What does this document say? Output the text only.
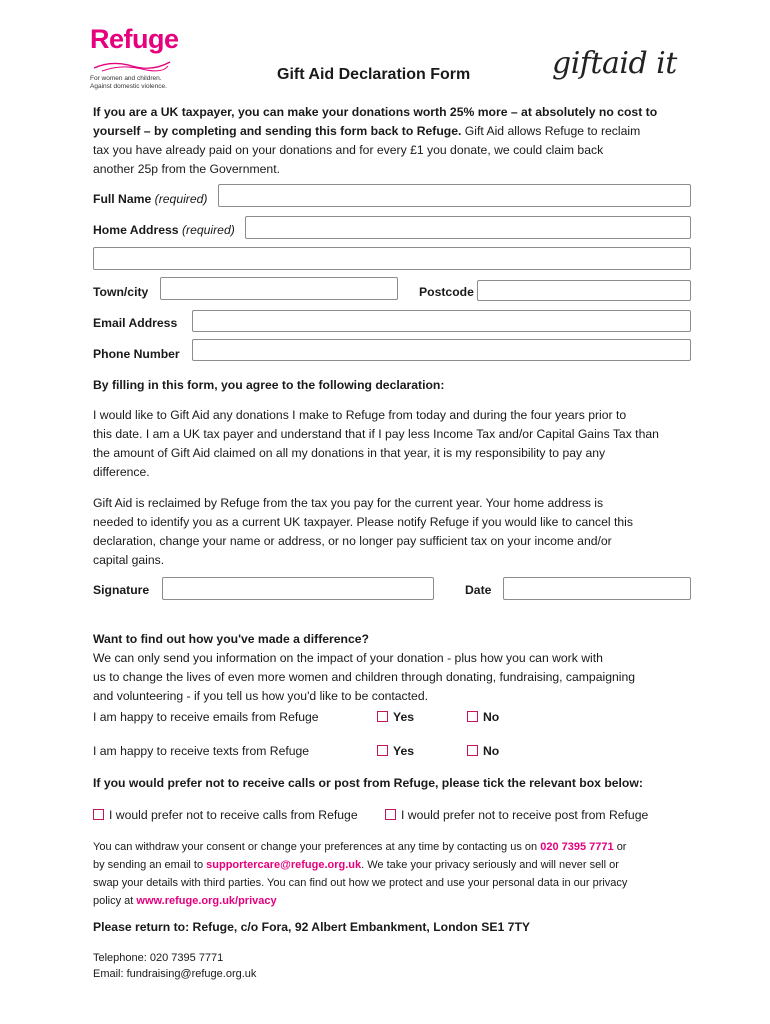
Refuge
For women and children.
Against domestic violence.
Gift Aid Declaration Form	giftaid it
If you are a UK taxpayer, you can make your donations worth 25% more – at absolutely no cost to
yourself – by completing and sending this form back to Refuge. Gift Aid allows Refuge to reclaim
tax you have already paid on your donations and for every £1 you donate, we could claim back
another 25p from the Government.
Full Name (required)
Home Address (required)
Town/city	Postcode
Email Address
Phone Number
By filling in this form, you agree to the following declaration:
I would like to Gift Aid any donations I make to Refuge from today and during the four years prior to
this date. I am a UK tax payer and understand that if I pay less Income Tax and/or Capital Gains Tax than
the amount of Gift Aid claimed on all my donations in that year, it is my responsibility to pay any
difference.
Gift Aid is reclaimed by Refuge from the tax you pay for the current year. Your home address is
needed to identify you as a current UK taxpayer. Please notify Refuge if you would like to cancel this
declaration, change your name or address, or no longer pay sufficient tax on your income and/or
capital gains.
Signature	Date
Want to find out how you've made a difference?
We can only send you information on the impact of your donation - plus how you can work with
us to change the lives of even more women and children through donating, fundraising, campaigning
and volunteering - if you tell us how you'd like to be contacted.
I am happy to receive emails from Refuge	Yes	No
I am happy to receive texts from Refuge	Yes	No
If you would prefer not to receive calls or post from Refuge, please tick the relevant box below:
I would prefer not to receive calls from Refuge	I would prefer not to receive post from Refuge
You can withdraw your consent or change your preferences at any time by contacting us on 020 7395 7771 or
by sending an email to supportercare@refuge.org.uk. We take your privacy seriously and will never sell or
swap your details with third parties. You can find out how we protect and use your personal data in our privacy
policy at www.refuge.org.uk/privacy
Please return to: Refuge, c/o Fora, 92 Albert Embankment, London SE1 7TY
Telephone: 020 7395 7771
Email: fundraising@refuge.org.uk
